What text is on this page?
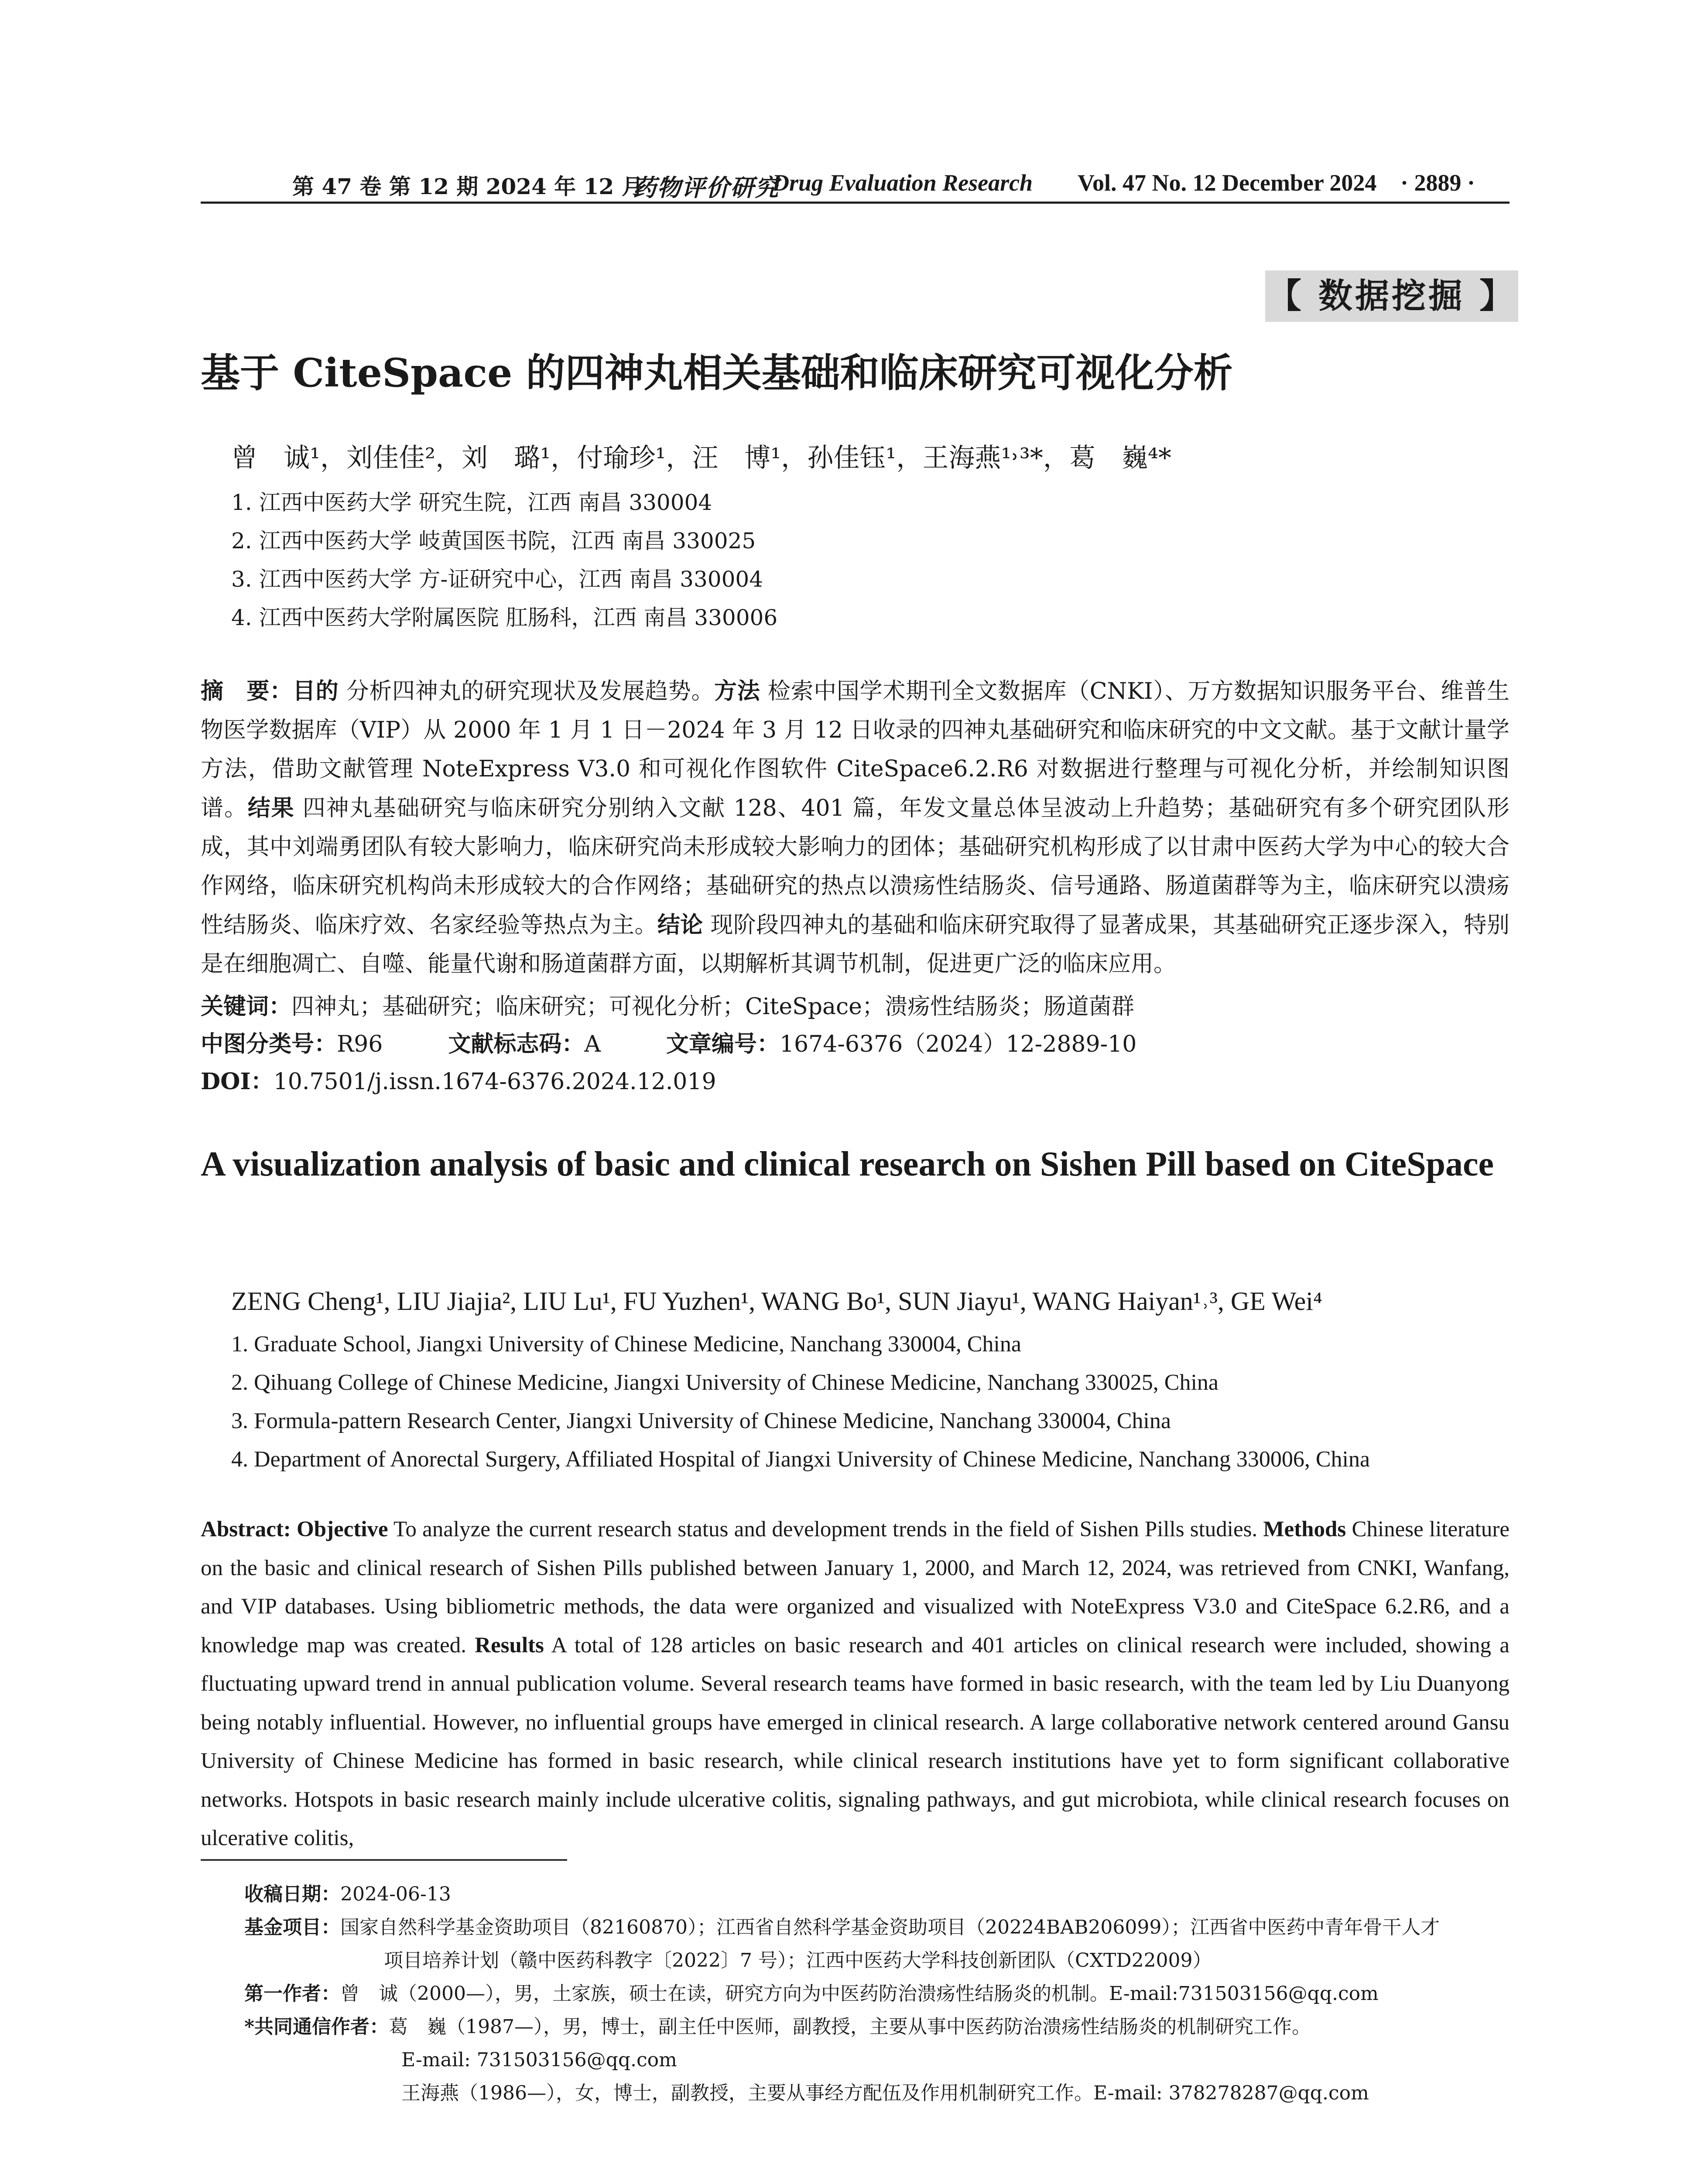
第 47 卷 第 12 期 2024 年 12 月
药物评价研究
Drug Evaluation Research Vol. 47 No. 12 December 2024 · 2889 ·
【 数据挖掘 】
基于 CiteSpace 的四神丸相关基础和临床研究可视化分析
曾　诚¹，刘佳佳²，刘　璐¹，付瑜珍¹，汪　博¹，孙佳钰¹，王海燕¹˒³*，葛　巍⁴*
1. 江西中医药大学 研究生院，江西 南昌 330004
2. 江西中医药大学 岐黄国医书院，江西 南昌 330025
3. 江西中医药大学 方-证研究中心，江西 南昌 330004
4. 江西中医药大学附属医院 肛肠科，江西 南昌 330006
摘　要：目的 分析四神丸的研究现状及发展趋势。方法 检索中国学术期刊全文数据库（CNKI）、万方数据知识服务平台、维普生物医学数据库（VIP）从 2000 年 1 月 1 日－2024 年 3 月 12 日收录的四神丸基础研究和临床研究的中文文献。基于文献计量学方法，借助文献管理 NoteExpress V3.0 和可视化作图软件 CiteSpace6.2.R6 对数据进行整理与可视化分析，并绘制知识图谱。结果 四神丸基础研究与临床研究分别纳入文献 128、401 篇，年发文量总体呈波动上升趋势；基础研究有多个研究团队形成，其中刘端勇团队有较大影响力，临床研究尚未形成较大影响力的团体；基础研究机构形成了以甘肃中医药大学为中心的较大合作网络，临床研究机构尚未形成较大的合作网络；基础研究的热点以溃疡性结肠炎、信号通路、肠道菌群等为主，临床研究以溃疡性结肠炎、临床疗效、名家经验等热点为主。结论 现阶段四神丸的基础和临床研究取得了显著成果，其基础研究正逐步深入，特别是在细胞凋亡、自噬、能量代谢和肠道菌群方面，以期解析其调节机制，促进更广泛的临床应用。
关键词：四神丸；基础研究；临床研究；可视化分析；CiteSpace；溃疡性结肠炎；肠道菌群
中图分类号：R96	文献标志码：A	文章编号：1674-6376（2024）12-2889-10
DOI：10.7501/j.issn.1674-6376.2024.12.019
A visualization analysis of basic and clinical research on Sishen Pill based on CiteSpace
ZENG Cheng¹, LIU Jiajia², LIU Lu¹, FU Yuzhen¹, WANG Bo¹, SUN Jiayu¹, WANG Haiyan¹˒³, GE Wei⁴
1. Graduate School, Jiangxi University of Chinese Medicine, Nanchang 330004, China
2. Qihuang College of Chinese Medicine, Jiangxi University of Chinese Medicine, Nanchang 330025, China
3. Formula-pattern Research Center, Jiangxi University of Chinese Medicine, Nanchang 330004, China
4. Department of Anorectal Surgery, Affiliated Hospital of Jiangxi University of Chinese Medicine, Nanchang 330006, China
Abstract: Objective To analyze the current research status and development trends in the field of Sishen Pills studies. Methods Chinese literature on the basic and clinical research of Sishen Pills published between January 1, 2000, and March 12, 2024, was retrieved from CNKI, Wanfang, and VIP databases. Using bibliometric methods, the data were organized and visualized with NoteExpress V3.0 and CiteSpace 6.2.R6, and a knowledge map was created. Results A total of 128 articles on basic research and 401 articles on clinical research were included, showing a fluctuating upward trend in annual publication volume. Several research teams have formed in basic research, with the team led by Liu Duanyong being notably influential. However, no influential groups have emerged in clinical research. A large collaborative network centered around Gansu University of Chinese Medicine has formed in basic research, while clinical research institutions have yet to form significant collaborative networks. Hotspots in basic research mainly include ulcerative colitis, signaling pathways, and gut microbiota, while clinical research focuses on ulcerative colitis,
收稿日期：2024-06-13
基金项目：国家自然科学基金资助项目（82160870）；江西省自然科学基金资助项目（20224BAB206099）；江西省中医药中青年骨干人才
项目培养计划（赣中医药科教字〔2022〕7 号）；江西中医药大学科技创新团队（CXTD22009）
第一作者：曾　诚（2000—），男，土家族，硕士在读，研究方向为中医药防治溃疡性结肠炎的机制。E-mail:731503156@qq.com
*共同通信作者：葛　巍（1987—），男，博士，副主任中医师，副教授，主要从事中医药防治溃疡性结肠炎的机制研究工作。
E-mail: 731503156@qq.com
王海燕（1986—），女，博士，副教授，主要从事经方配伍及作用机制研究工作。E-mail: 378278287@qq.com
